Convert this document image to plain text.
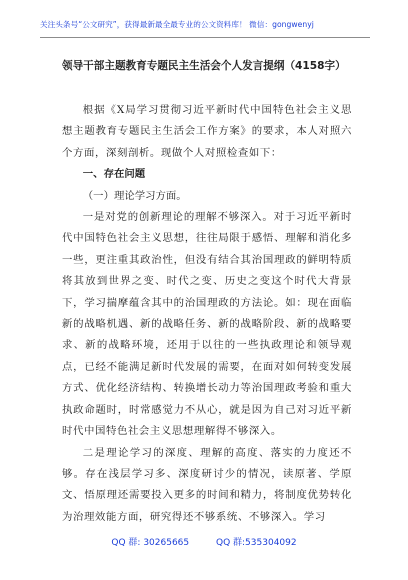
关注头条号“公文研究”，获得最新最全最专业的公文资料库！ 微信：gongwenyj
领导干部主题教育专题民主生活会个人发言提纲（4158字）

根据《X局学习贯彻习近平新时代中国特色社会主义思想主题教育专题民主生活会工作方案》的要求，本人对照六个方面，深刻剖析。现做个人对照检查如下：

一、存在问题

（一）理论学习方面。

一是对党的创新理论的理解不够深入。对于习近平新时代中国特色社会主义思想，往往局限于感悟、理解和消化多一些，更注重其政治性，但没有结合其治国理政的鲜明特质将其放到世界之变、时代之变、历史之变这个时代大背景下，学习揣摩蕴含其中的治国理政的方法论。如：现在面临新的战略机遇、新的战略任务、新的战略阶段、新的战略要求、新的战略环境，还用于以往的一些执政理论和领导观点，已经不能满足新时代发展的需要，在面对如何转变发展方式、优化经济结构、转换增长动力等治国理政考验和重大执政命题时，时常感觉力不从心，就是因为自己对习近平新时代中国特色社会主义思想理解得不够深入。

二是理论学习的深度、理解的高度、落实的力度还不够。存在浅层学习多、深度研讨少的情况，读原著、学原文、悟原理还需要投入更多的时间和精力，将制度优势转化为治理效能方面，研究得还不够系统、不够深入。学习

QQ 群: 30265665	QQ 群:535304092
